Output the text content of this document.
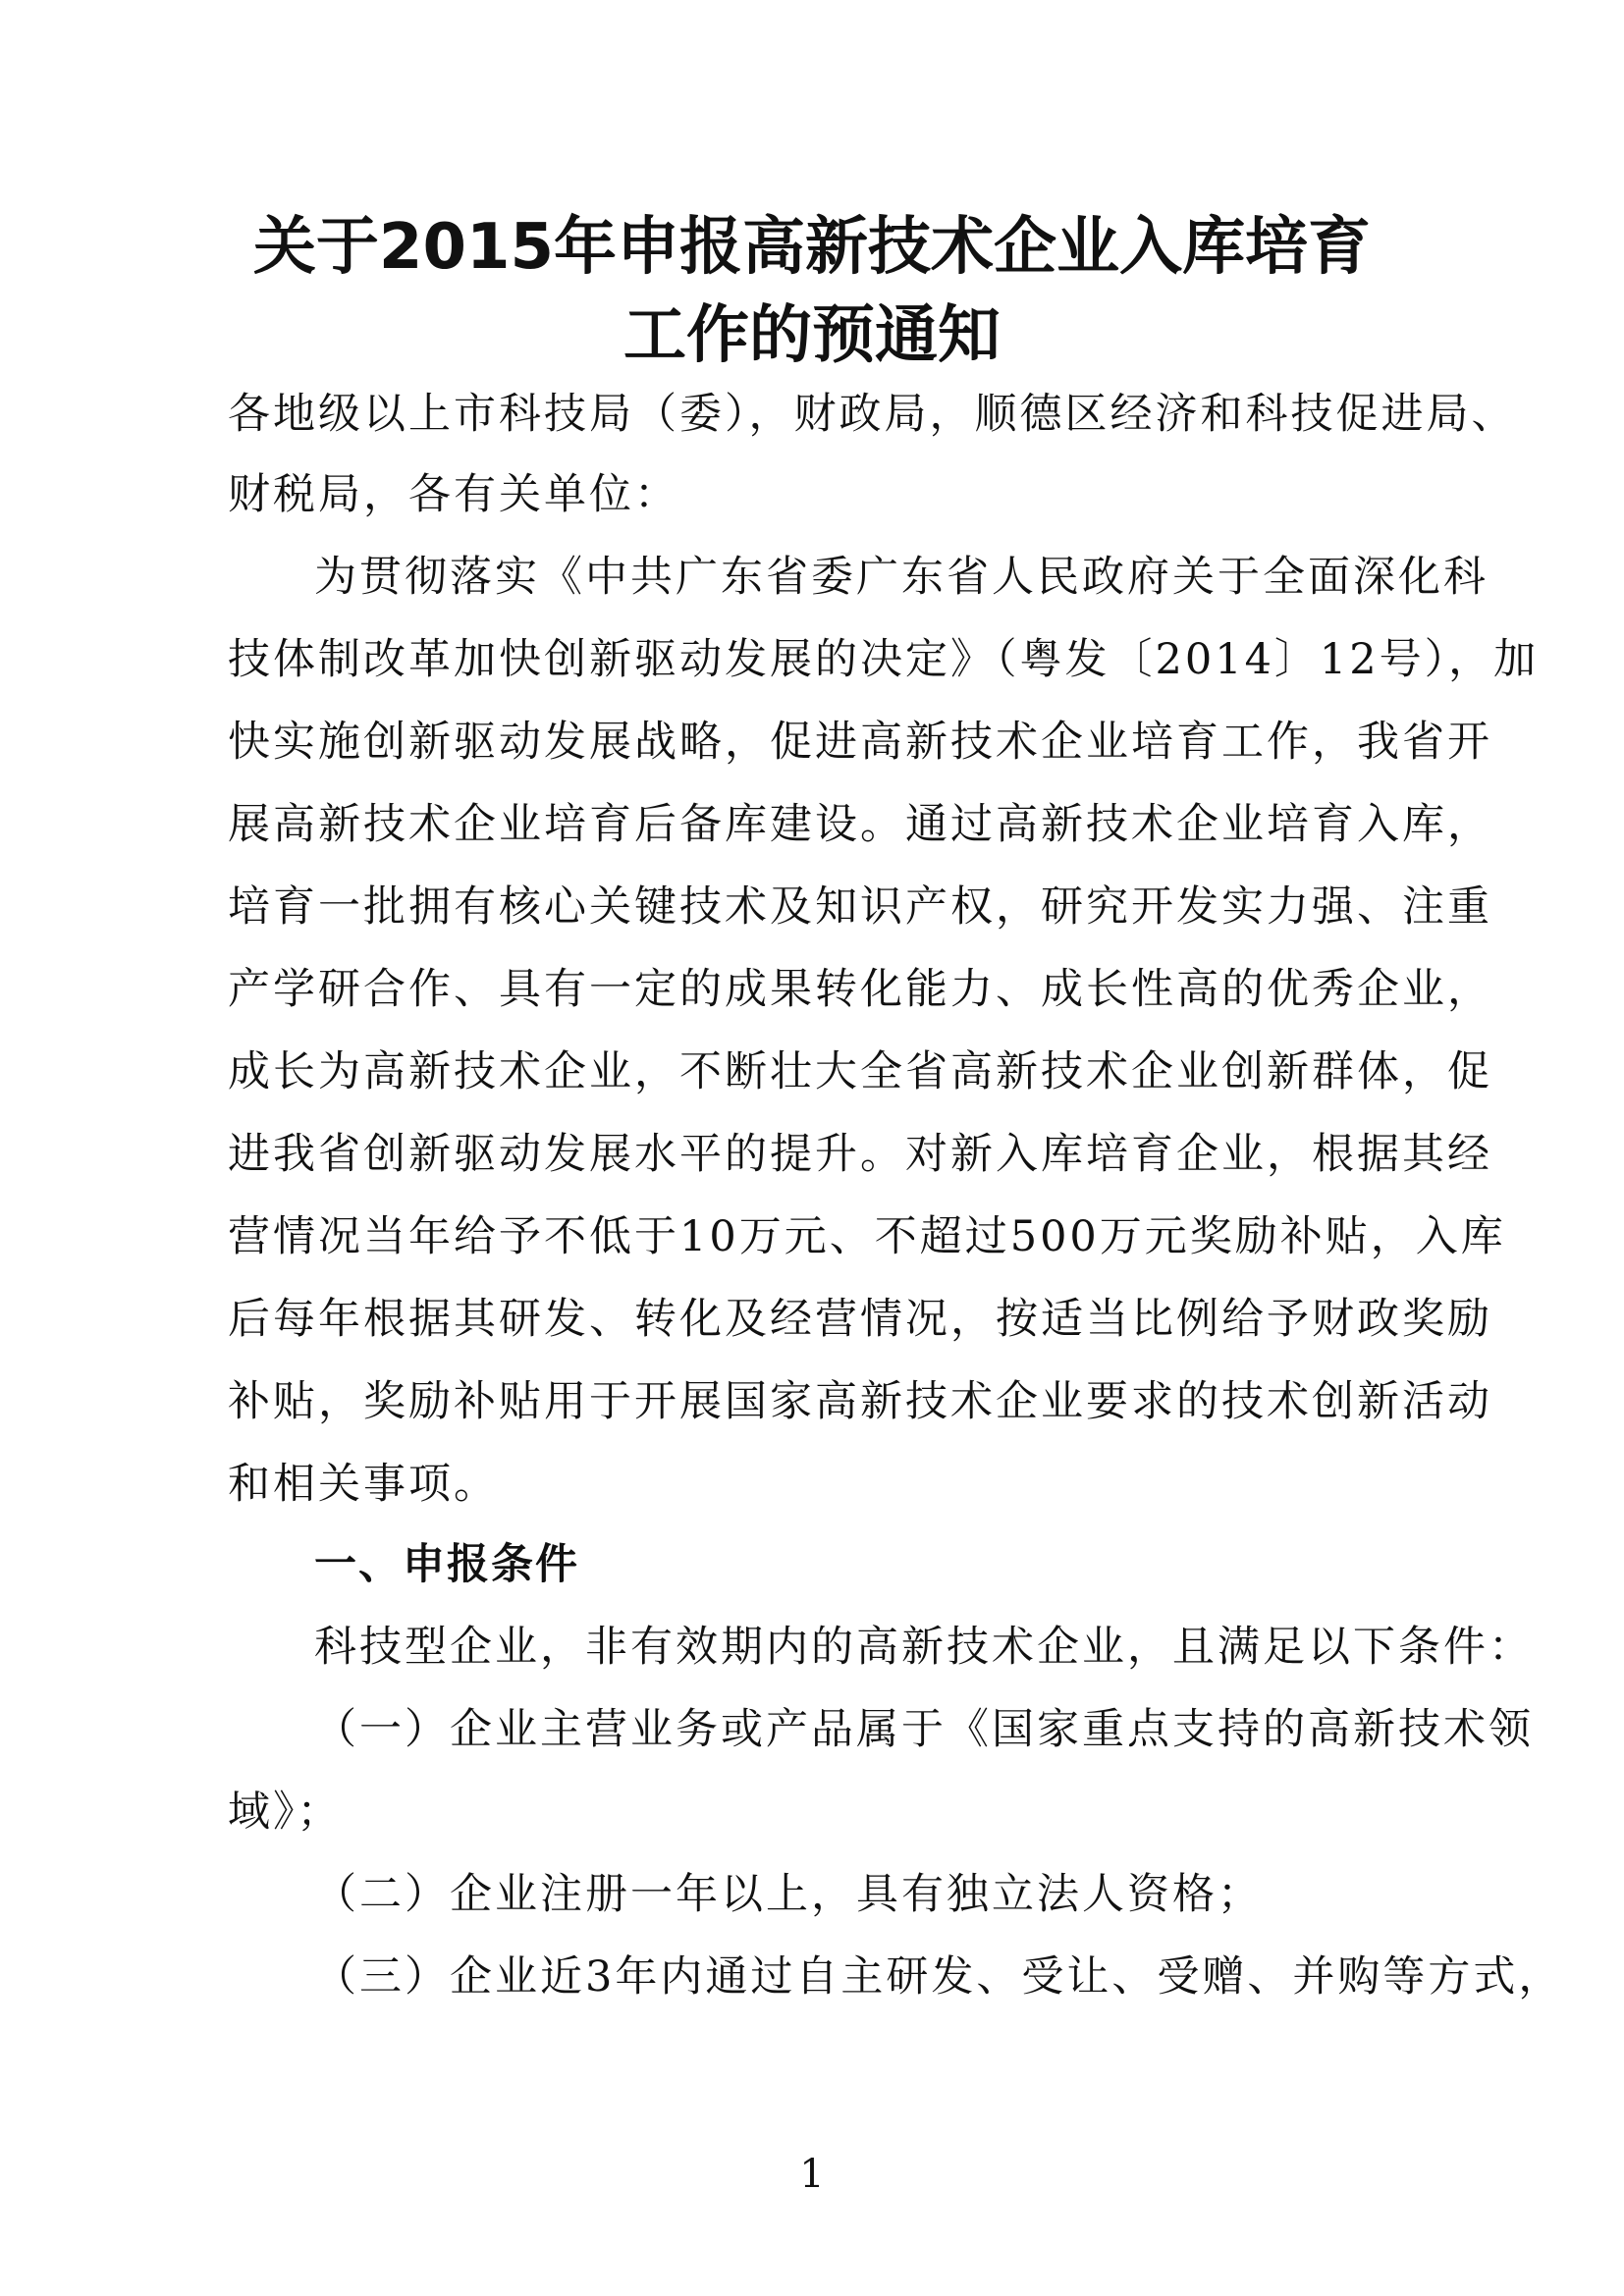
关于2015年申报高新技术企业入库培育
工作的预通知

各地级以上市科技局（委），财政局，顺德区经济和科技促进局、

财税局，各有关单位：

为贯彻落实《中共广东省委广东省人民政府关于全面深化科

技体制改革加快创新驱动发展的决定》（粤发〔2014〕12号），加

快实施创新驱动发展战略，促进高新技术企业培育工作，我省开

展高新技术企业培育后备库建设。通过高新技术企业培育入库，

培育一批拥有核心关键技术及知识产权，研究开发实力强、注重

产学研合作、具有一定的成果转化能力、成长性高的优秀企业，

成长为高新技术企业，不断壮大全省高新技术企业创新群体，促

进我省创新驱动发展水平的提升。对新入库培育企业，根据其经

营情况当年给予不低于10万元、不超过500万元奖励补贴，入库

后每年根据其研发、转化及经营情况，按适当比例给予财政奖励

补贴，奖励补贴用于开展国家高新技术企业要求的技术创新活动

和相关事项。

一、申报条件

科技型企业，非有效期内的高新技术企业，且满足以下条件：

（一）企业主营业务或产品属于《国家重点支持的高新技术领

域》；

（二）企业注册一年以上，具有独立法人资格；

（三）企业近3年内通过自主研发、受让、受赠、并购等方式，

1
